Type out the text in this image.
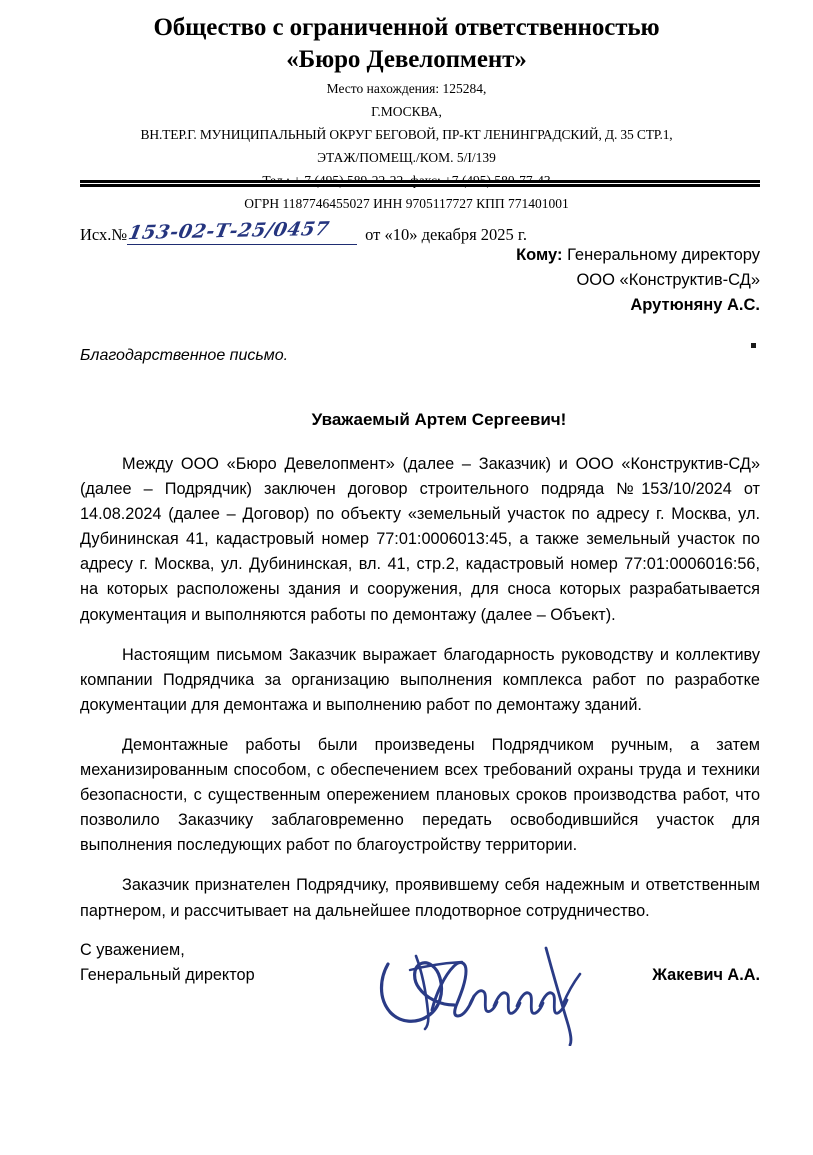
Общество с ограниченной ответственностью
«Бюро Девелопмент»
Место нахождения: 125284,
Г.МОСКВА,
ВН.ТЕР.Г. МУНИЦИПАЛЬНЫЙ ОКРУГ БЕГОВОЙ, ПР-КТ ЛЕНИНГРАДСКИЙ, Д. 35 СТР.1,
ЭТАЖ/ПОМЕЩ./КОМ. 5/I/139
ОГРН 1187746455027 ИНН 9705117727 КПП 771401001
Исх.№ 153-02-Т-25/0457 от «10» декабря 2025 г.
Кому: Генеральному директору
ООО «Конструктив-СД»
Арутюняну А.С.
Благодарственное письмо.
Уважаемый Артем Сергеевич!

Между ООО «Бюро Девелопмент» (далее – Заказчик) и ООО «Конструктив-СД» (далее – Подрядчик) заключен договор строительного подряда №153/10/2024 от 14.08.2024 (далее – Договор) по объекту «земельный участок по адресу г. Москва, ул. Дубининская 41, кадастровый номер 77:01:0006013:45, а также земельный участок по адресу г. Москва, ул. Дубининская, вл. 41, стр.2, кадастровый номер 77:01:0006016:56, на которых расположены здания и сооружения, для сноса которых разрабатывается документация и выполняются работы по демонтажу (далее – Объект).

Настоящим письмом Заказчик выражает благодарность руководству и коллективу компании Подрядчика за организацию выполнения комплекса работ по разработке документации для демонтажа и выполнению работ по демонтажу зданий.

Демонтажные работы были произведены Подрядчиком ручным, а затем механизированным способом, с обеспечением всех требований охраны труда и техники безопасности, с существенным опережением плановых сроков производства работ, что позволило Заказчику заблаговременно передать освободившийся участок для выполнения последующих работ по благоустройству территории.

Заказчик признателен Подрядчику, проявившему себя надежным и ответственным партнером, и рассчитывает на дальнейшее плодотворное сотрудничество.

С уважением,
Генеральный директор	Жакевич А.А.
